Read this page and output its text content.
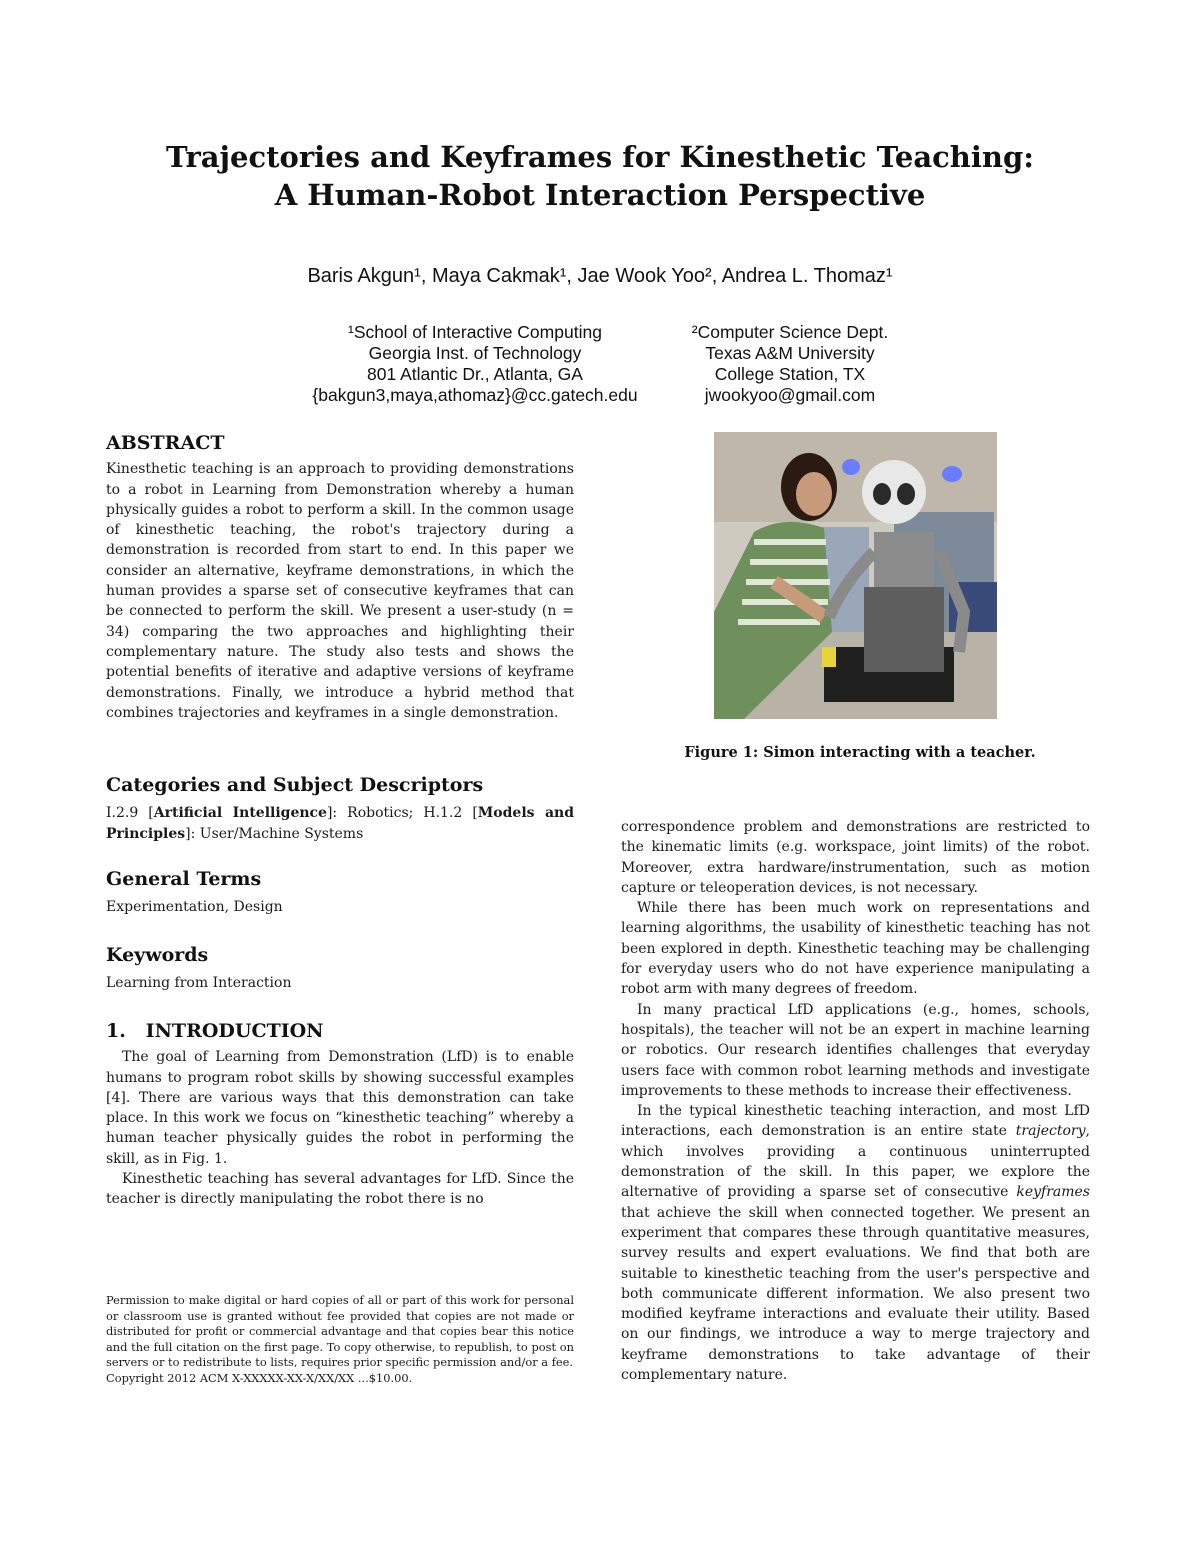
Trajectories and Keyframes for Kinesthetic Teaching:
A Human-Robot Interaction Perspective
Baris Akgun¹, Maya Cakmak¹, Jae Wook Yoo², Andrea L. Thomaz¹
¹School of Interactive Computing
Georgia Inst. of Technology
801 Atlantic Dr., Atlanta, GA
{bakgun3,maya,athomaz}@cc.gatech.edu
²Computer Science Dept.
Texas A&M University
College Station, TX
jwookyoo@gmail.com
ABSTRACT

Kinesthetic teaching is an approach to providing demonstrations to a robot in Learning from Demonstration whereby a human physically guides a robot to perform a skill. In the common usage of kinesthetic teaching, the robot's trajectory during a demonstration is recorded from start to end. In this paper we consider an alternative, keyframe demonstrations, in which the human provides a sparse set of consecutive keyframes that can be connected to perform the skill. We present a user-study (n = 34) comparing the two approaches and highlighting their complementary nature. The study also tests and shows the potential benefits of iterative and adaptive versions of keyframe demonstrations. Finally, we introduce a hybrid method that combines trajectories and keyframes in a single demonstration.

Categories and Subject Descriptors

I.2.9 [Artificial Intelligence]: Robotics; H.1.2 [Models and Principles]: User/Machine Systems

General Terms

Experimentation, Design

Keywords

Learning from Interaction

1.   INTRODUCTION

The goal of Learning from Demonstration (LfD) is to enable humans to program robot skills by showing successful examples [4]. There are various ways that this demonstration can take place. In this work we focus on “kinesthetic teaching” whereby a human teacher physically guides the robot in performing the skill, as in Fig. 1.

Kinesthetic teaching has several advantages for LfD. Since the teacher is directly manipulating the robot there is no

Permission to make digital or hard copies of all or part of this work for personal or classroom use is granted without fee provided that copies are not made or distributed for profit or commercial advantage and that copies bear this notice and the full citation on the first page. To copy otherwise, to republish, to post on servers or to redistribute to lists, requires prior specific permission and/or a fee.
Copyright 2012 ACM X-XXXXX-XX-X/XX/XX ...$10.00.
Figure 1: Simon interacting with a teacher.

correspondence problem and demonstrations are restricted to the kinematic limits (e.g. workspace, joint limits) of the robot. Moreover, extra hardware/instrumentation, such as motion capture or teleoperation devices, is not necessary.

While there has been much work on representations and learning algorithms, the usability of kinesthetic teaching has not been explored in depth. Kinesthetic teaching may be challenging for everyday users who do not have experience manipulating a robot arm with many degrees of freedom.

In many practical LfD applications (e.g., homes, schools, hospitals), the teacher will not be an expert in machine learning or robotics. Our research identifies challenges that everyday users face with common robot learning methods and investigate improvements to these methods to increase their effectiveness.

In the typical kinesthetic teaching interaction, and most LfD interactions, each demonstration is an entire state trajectory, which involves providing a continuous uninterrupted demonstration of the skill. In this paper, we explore the alternative of providing a sparse set of consecutive keyframes that achieve the skill when connected together. We present an experiment that compares these through quantitative measures, survey results and expert evaluations. We find that both are suitable to kinesthetic teaching from the user's perspective and both communicate different information. We also present two modified keyframe interactions and evaluate their utility. Based on our findings, we introduce a way to merge trajectory and keyframe demonstrations to take advantage of their complementary nature.
